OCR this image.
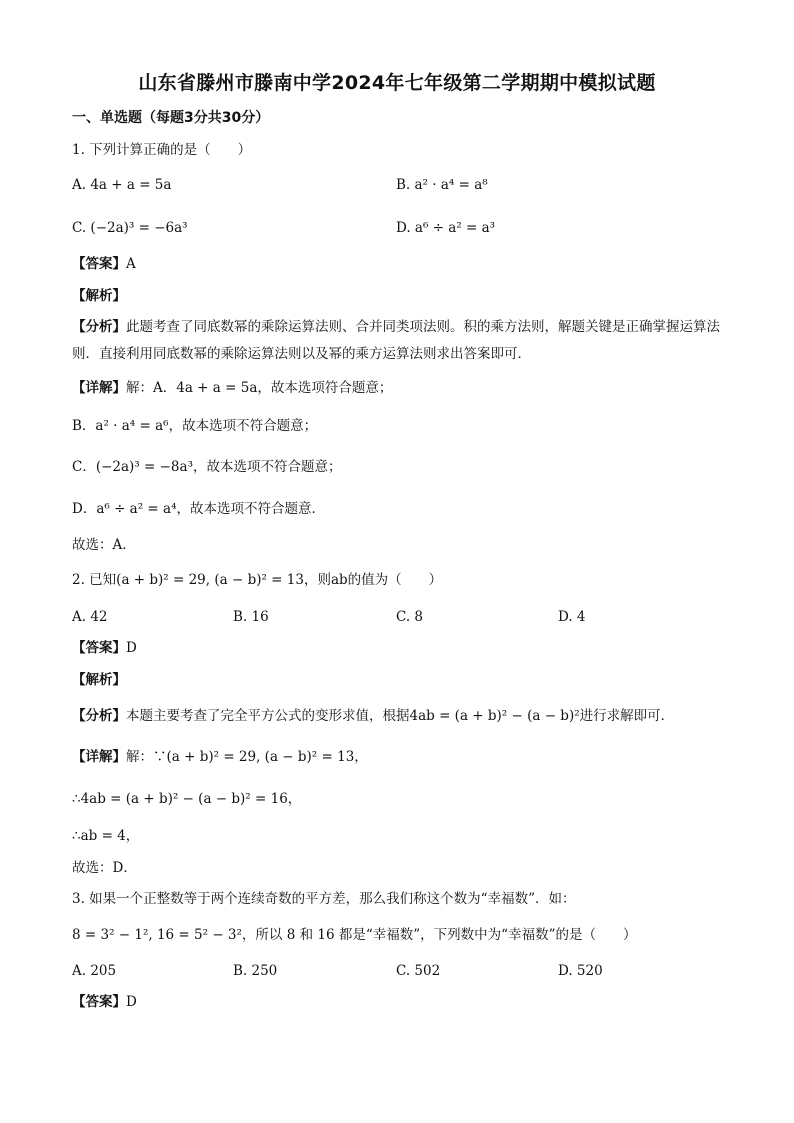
山东省滕州市滕南中学2024年七年级第二学期期中模拟试题
一、单选题（每题3分共30分）
1. 下列计算正确的是（　　）
A. 4a + a = 5a	B. a² · a⁴ = a⁸
C. (−2a)³ = −6a³	D. a⁶ ÷ a² = a³
【答案】A
【解析】
【分析】此题考查了同底数幂的乘除运算法则、合并同类项法则。积的乘方法则，解题关键是正确掌握运算法则．直接利用同底数幂的乘除运算法则以及幂的乘方运算法则求出答案即可．
【详解】解：A．4a + a = 5a，故本选项符合题意；
B．a² · a⁴ = a⁶，故本选项不符合题意；
C．(−2a)³ = −8a³，故本选项不符合题意；
D．a⁶ ÷ a² = a⁴，故本选项不符合题意．
故选：A．
2. 已知(a + b)² = 29, (a − b)² = 13，则ab的值为（　　）
A. 42	B. 16	C. 8	D. 4
【答案】D
【解析】
【分析】本题主要考查了完全平方公式的变形求值，根据4ab = (a + b)² − (a − b)²进行求解即可．
【详解】解：∵(a + b)² = 29, (a − b)² = 13，
∴4ab = (a + b)² − (a − b)² = 16，
∴ab = 4，
故选：D．
3. 如果一个正整数等于两个连续奇数的平方差，那么我们称这个数为“幸福数”．如：
8 = 3² − 1², 16 = 5² − 3²，所以 8 和 16 都是“幸福数”，下列数中为“幸福数”的是（　　）
A. 205	B. 250	C. 502	D. 520
【答案】D
